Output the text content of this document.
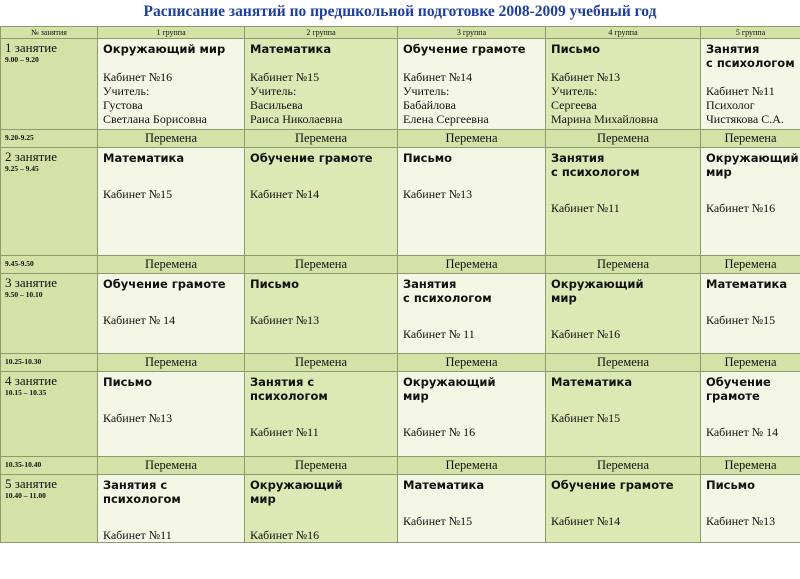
Расписание занятий по предшкольной подготовке 2008-2009 учебный год
№ занятия	1 группа	2 группа	3 группа	4 группа	5 группа

1 занятие
9.00 – 9.20	Окружающий мир
Кабинет №16
Учитель:
Густова
Светлана Борисовна	Математика
Кабинет №15
Учитель:
Васильева
Раиса Николаевна	Обучение грамоте
Кабинет №14
Учитель:
Бабайлова
Елена Сергеевна	Письмо
Кабинет №13
Учитель:
Сергеева
Марина Михайловна	Занятия
с психологом
Кабинет №11
Психолог
Чистякова С.А.

9.20-9.25	Перемена	Перемена	Перемена	Перемена	Перемена

2 занятие
9.25 – 9.45	Математика
Кабинет №15	Обучение грамоте
Кабинет №14	Письмо
Кабинет №13	Занятия
с психологом
Кабинет №11	Окружающий
мир
Кабинет №16

9.45-9.50	Перемена	Перемена	Перемена	Перемена	Перемена

3 занятие
9.50 – 10.10	Обучение грамоте
Кабинет № 14	Письмо
Кабинет №13	Занятия
с психологом
Кабинет № 11	Окружающий
мир
Кабинет №16	Математика
Кабинет №15

10.25-10.30	Перемена	Перемена	Перемена	Перемена	Перемена

4 занятие
10.15 – 10.35	Письмо
Кабинет №13	Занятия с
психологом
Кабинет №11	Окружающий
мир
Кабинет № 16	Математика
Кабинет №15	Обучение
грамоте
Кабинет № 14

10.35-10.40	Перемена	Перемена	Перемена	Перемена	Перемена

5 занятие
10.40 – 11.00	Занятия с
психологом
Кабинет №11	Окружающий
мир
Кабинет №16	Математика
Кабинет №15	Обучение грамоте
Кабинет №14	Письмо
Кабинет №13
